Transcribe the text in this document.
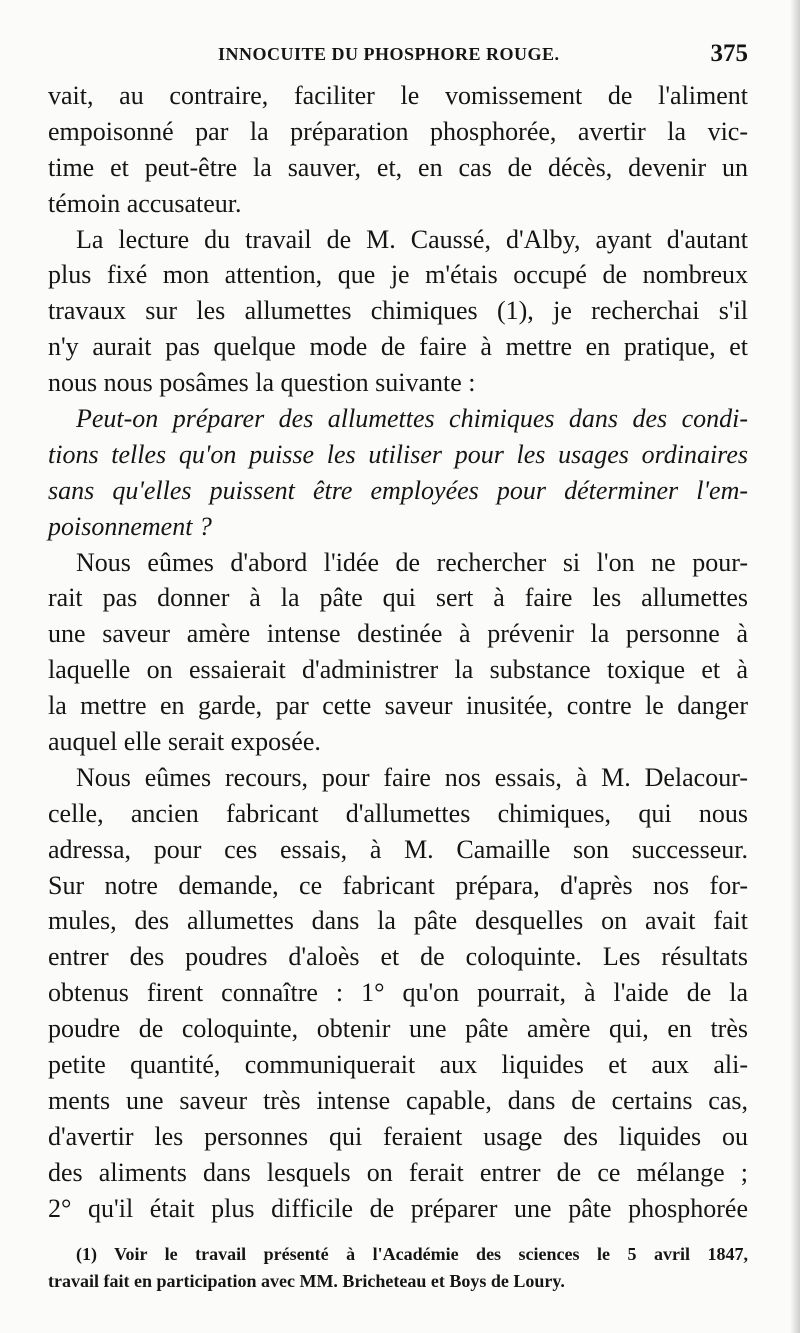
INNOCUITE DU PHOSPHORE ROUGE.	375
vait, au contraire, faciliter le vomissement de l'aliment
empoisonné par la préparation phosphorée, avertir la vic-
time et peut-être la sauver, et, en cas de décès, devenir un
témoin accusateur.
La lecture du travail de M. Caussé, d'Alby, ayant d'autant
plus fixé mon attention, que je m'étais occupé de nombreux
travaux sur les allumettes chimiques (1), je recherchai s'il
n'y aurait pas quelque mode de faire à mettre en pratique, et
nous nous posâmes la question suivante :
Peut-on préparer des allumettes chimiques dans des condi-
tions telles qu'on puisse les utiliser pour les usages ordinaires
sans qu'elles puissent être employées pour déterminer l'em-
poisonnement ?
Nous eûmes d'abord l'idée de rechercher si l'on ne pour-
rait pas donner à la pâte qui sert à faire les allumettes
une saveur amère intense destinée à prévenir la personne à
laquelle on essaierait d'administrer la substance toxique et à
la mettre en garde, par cette saveur inusitée, contre le danger
auquel elle serait exposée.
Nous eûmes recours, pour faire nos essais, à M. Delacour-
celle, ancien fabricant d'allumettes chimiques, qui nous
adressa, pour ces essais, à M. Camaille son successeur.
Sur notre demande, ce fabricant prépara, d'après nos for-
mules, des allumettes dans la pâte desquelles on avait fait
entrer des poudres d'aloès et de coloquinte. Les résultats
obtenus firent connaître : 1° qu'on pourrait, à l'aide de la
poudre de coloquinte, obtenir une pâte amère qui, en très
petite quantité, communiquerait aux liquides et aux ali-
ments une saveur très intense capable, dans de certains cas,
d'avertir les personnes qui feraient usage des liquides ou
des aliments dans lesquels on ferait entrer de ce mélange ;
2° qu'il était plus difficile de préparer une pâte phosphorée
(1) Voir le travail présenté à l'Académie des sciences le 5 avril 1847,
travail fait en participation avec MM. Bricheteau et Boys de Loury.
